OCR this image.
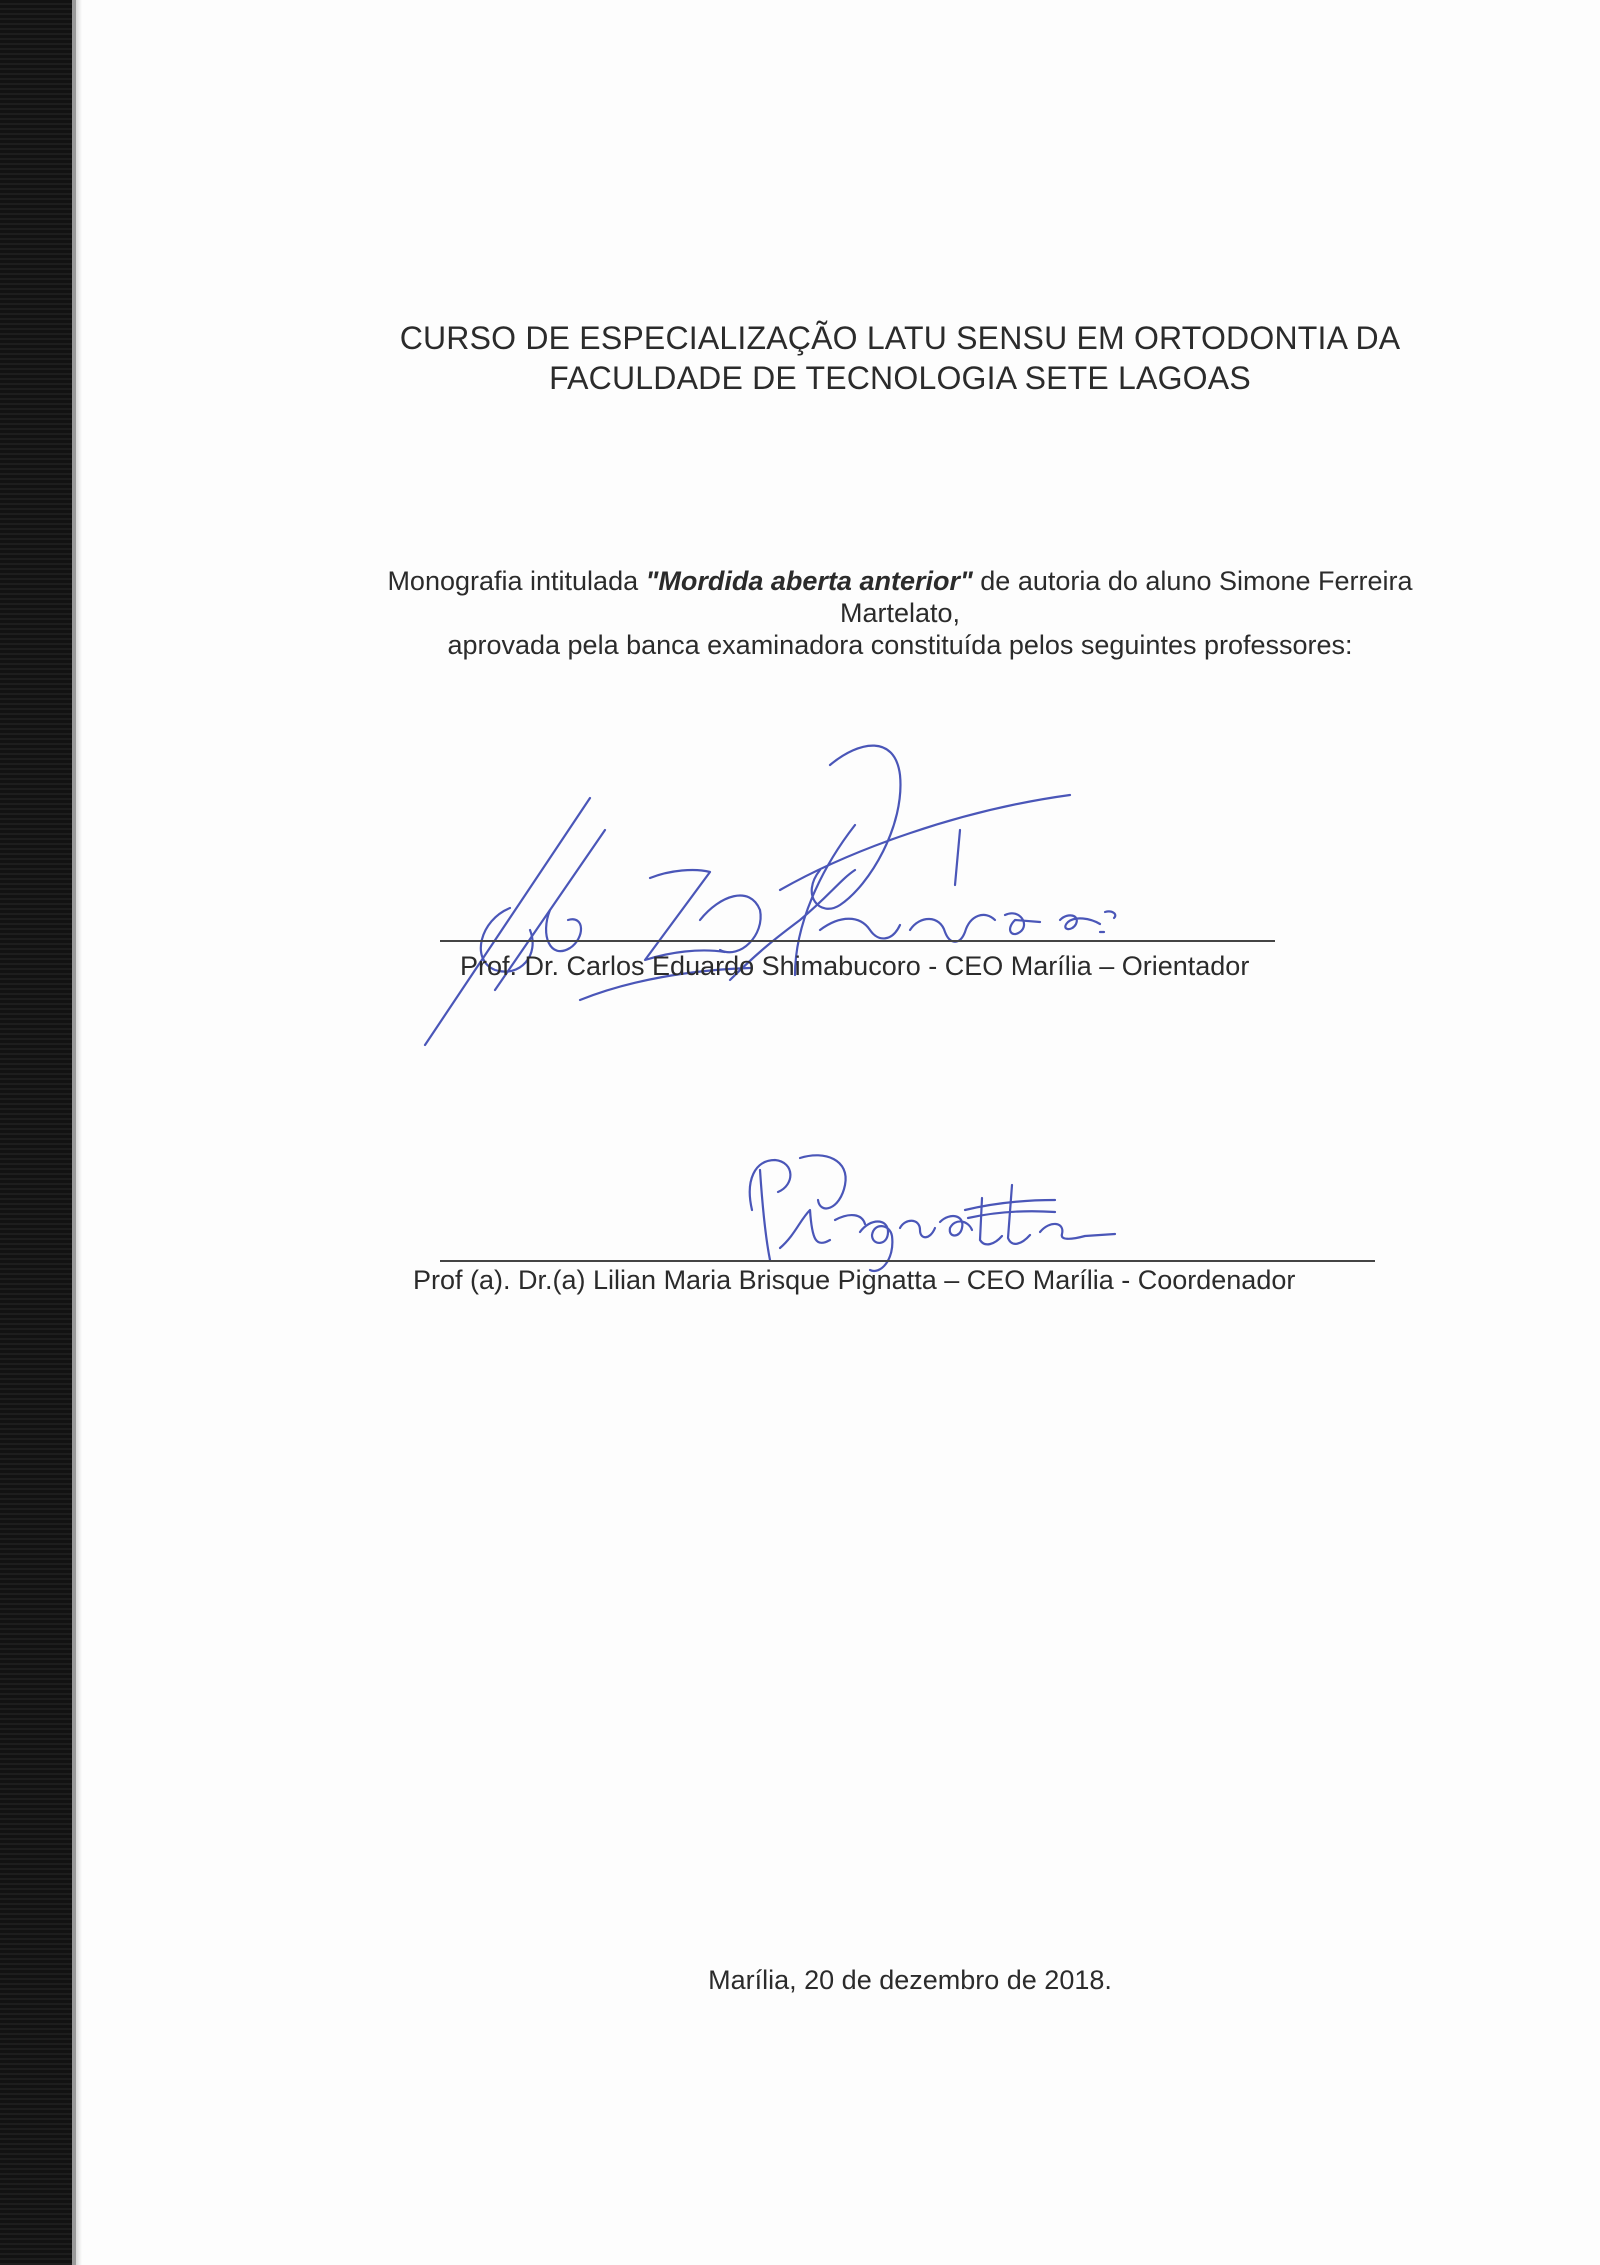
CURSO DE ESPECIALIZAÇÃO LATU SENSU EM ORTODONTIA DA
FACULDADE DE TECNOLOGIA SETE LAGOAS
Monografia intitulada "Mordida aberta anterior" de autoria do aluno Simone Ferreira
Martelato,
aprovada pela banca examinadora constituída pelos seguintes professores:
Prof. Dr. Carlos Eduardo Shimabucoro - CEO Marília – Orientador
Prof (a). Dr.(a) Lilian Maria Brisque Pignatta – CEO Marília - Coordenador
Marília, 20 de dezembro de 2018.
